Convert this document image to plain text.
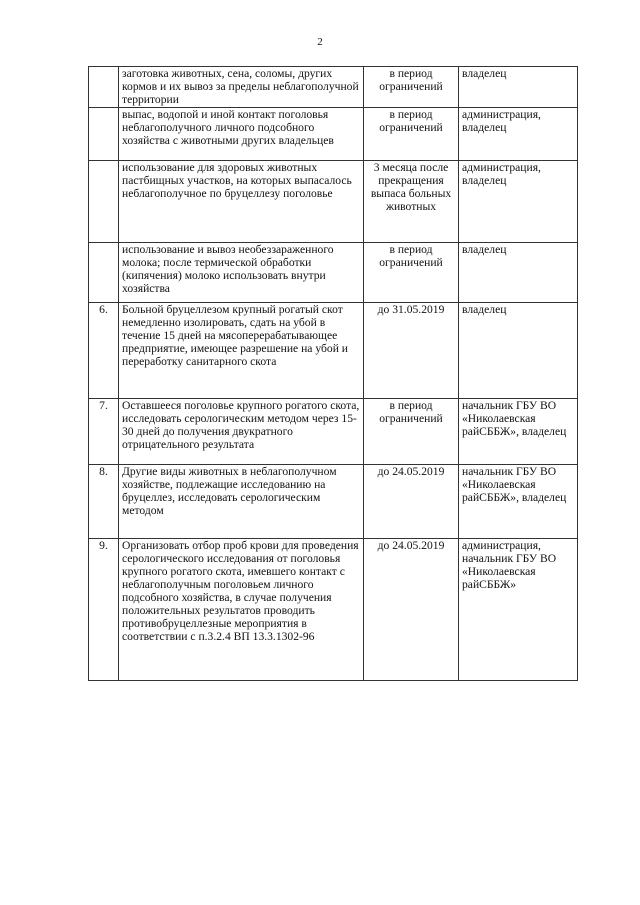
2

	заготовка животных, сена, соломы, других кормов и их вывоз за пределы неблагополучной территории	в период ограничений	владелец

	выпас, водопой и иной контакт поголовья неблагополучного личного подсобного хозяйства с животными других владельцев	в период ограничений	администрация, владелец

	использование для здоровых животных пастбищных участков, на которых выпасалось неблагополучное по бруцеллезу поголовье	3 месяца после прекращения выпаса больных животных	администрация, владелец

	использование и вывоз необеззараженного молока; после термической обработки (кипячения) молоко использовать внутри хозяйства	в период ограничений	владелец

6.	Больной бруцеллезом крупный рогатый скот немедленно изолировать, сдать на убой в течение 15 дней на мясоперерабатывающее предприятие, имеющее разрешение на убой и переработку санитарного скота	до 31.05.2019	владелец

7.	Оставшееся поголовье крупного рогатого скота, исследовать серологическим методом через 15-30 дней до получения двукратного отрицательного результата	в период ограничений	начальник ГБУ ВО «Николаевская райСББЖ», владелец

8.	Другие виды животных в неблагополучном хозяйстве, подлежащие исследованию на бруцеллез, исследовать серологическим методом	до 24.05.2019	начальник ГБУ ВО «Николаевская райСББЖ», владелец

9.	Организовать отбор проб крови для проведения серологического исследования от поголовья крупного рогатого скота, имевшего контакт с неблагополучным поголовьем личного подсобного хозяйства, в случае получения положительных результатов проводить противобруцеллезные мероприятия в соответствии с п.3.2.4 ВП 13.3.1302-96	до 24.05.2019	администрация, начальник ГБУ ВО «Николаевская райСББЖ»
